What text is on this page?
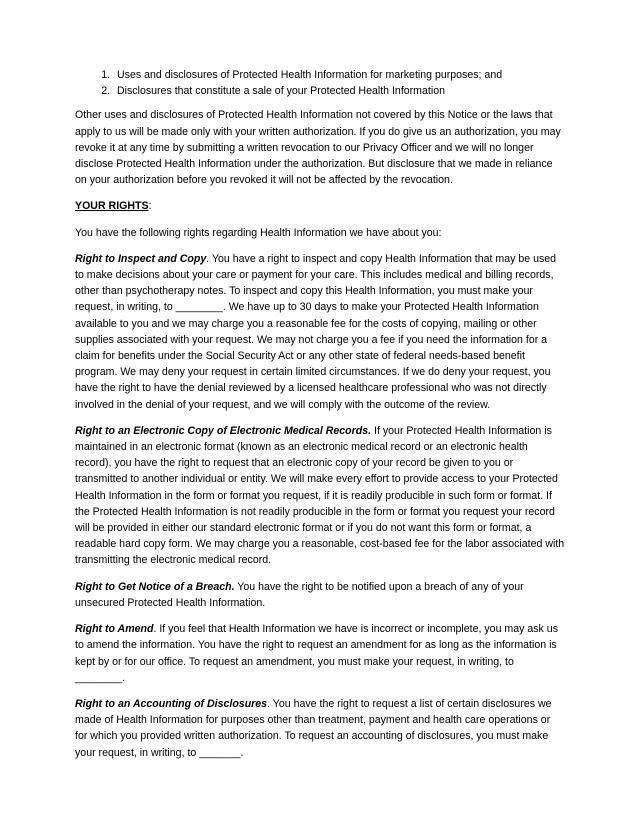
1. Uses and disclosures of Protected Health Information for marketing purposes; and
2. Disclosures that constitute a sale of your Protected Health Information

Other uses and disclosures of Protected Health Information not covered by this Notice or the laws that apply to us will be made only with your written authorization. If you do give us an authorization, you may revoke it at any time by submitting a written revocation to our Privacy Officer and we will no longer disclose Protected Health Information under the authorization. But disclosure that we made in reliance on your authorization before you revoked it will not be affected by the revocation.

YOUR RIGHTS:

You have the following rights regarding Health Information we have about you:

Right to Inspect and Copy. You have a right to inspect and copy Health Information that may be used to make decisions about your care or payment for your care. This includes medical and billing records, other than psychotherapy notes. To inspect and copy this Health Information, you must make your request, in writing, to ________. We have up to 30 days to make your Protected Health Information available to you and we may charge you a reasonable fee for the costs of copying, mailing or other supplies associated with your request. We may not charge you a fee if you need the information for a claim for benefits under the Social Security Act or any other state of federal needs-based benefit program. We may deny your request in certain limited circumstances. If we do deny your request, you have the right to have the denial reviewed by a licensed healthcare professional who was not directly involved in the denial of your request, and we will comply with the outcome of the review.

Right to an Electronic Copy of Electronic Medical Records. If your Protected Health Information is maintained in an electronic format (known as an electronic medical record or an electronic health record), you have the right to request that an electronic copy of your record be given to you or transmitted to another individual or entity. We will make every effort to provide access to your Protected Health Information in the form or format you request, if it is readily producible in such form or format. If the Protected Health Information is not readily producible in the form or format you request your record will be provided in either our standard electronic format or if you do not want this form or format, a readable hard copy form. We may charge you a reasonable, cost-based fee for the labor associated with transmitting the electronic medical record.

Right to Get Notice of a Breach. You have the right to be notified upon a breach of any of your unsecured Protected Health Information.

Right to Amend. If you feel that Health Information we have is incorrect or incomplete, you may ask us to amend the information. You have the right to request an amendment for as long as the information is kept by or for our office. To request an amendment, you must make your request, in writing, to ________.

Right to an Accounting of Disclosures. You have the right to request a list of certain disclosures we made of Health Information for purposes other than treatment, payment and health care operations or for which you provided written authorization. To request an accounting of disclosures, you must make your request, in writing, to _______.
